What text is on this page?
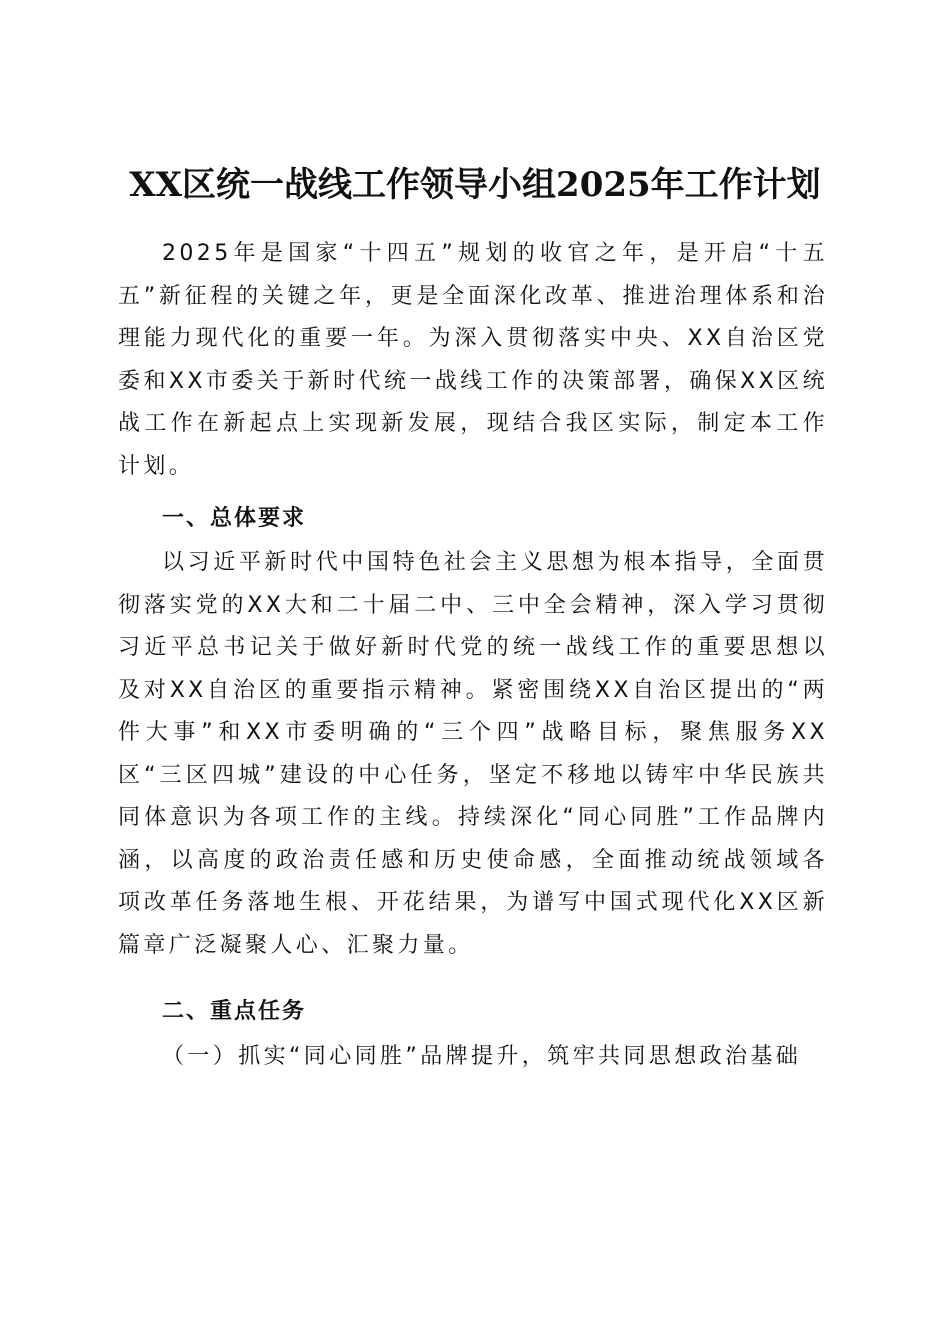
XX区统一战线工作领导小组2025年工作计划

2025年是国家“十四五”规划的收官之年，是开启“十五五”新征程的关键之年，更是全面深化改革、推进治理体系和治理能力现代化的重要一年。为深入贯彻落实中央、XX自治区党委和XX市委关于新时代统一战线工作的决策部署，确保XX区统战工作在新起点上实现新发展，现结合我区实际，制定本工作计划。

一、总体要求

以习近平新时代中国特色社会主义思想为根本指导，全面贯彻落实党的XX大和二十届二中、三中全会精神，深入学习贯彻习近平总书记关于做好新时代党的统一战线工作的重要思想以及对XX自治区的重要指示精神。紧密围绕XX自治区提出的“两件大事”和XX市委明确的“三个四”战略目标，聚焦服务XX区“三区四城”建设的中心任务，坚定不移地以铸牢中华民族共同体意识为各项工作的主线。持续深化“同心同胜”工作品牌内涵，以高度的政治责任感和历史使命感，全面推动统战领域各项改革任务落地生根、开花结果，为谱写中国式现代化XX区新篇章广泛凝聚人心、汇聚力量。

二、重点任务

（一）抓实“同心同胜”品牌提升，筑牢共同思想政治基础
